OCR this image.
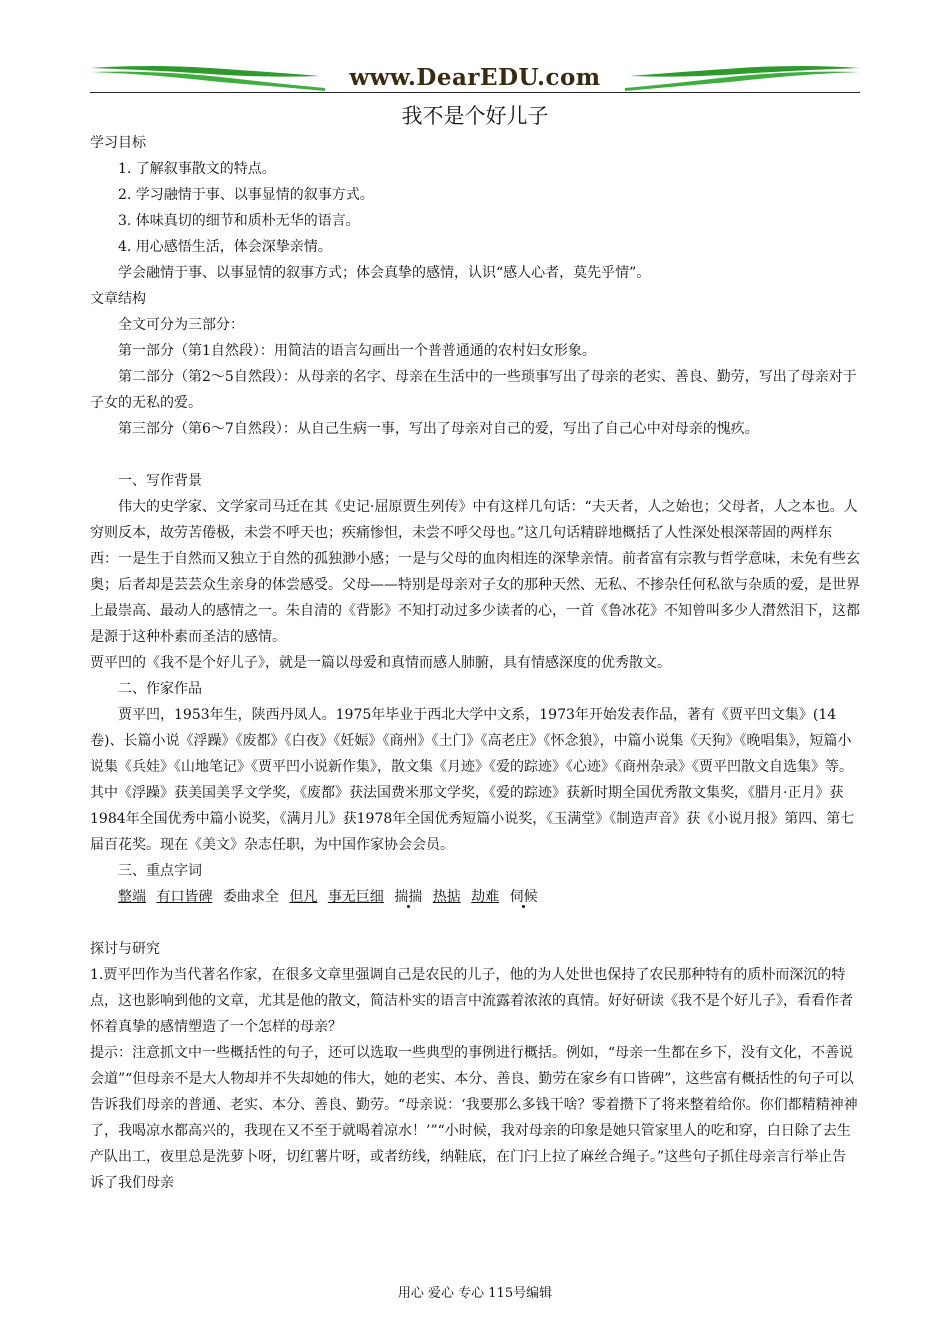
www.DearEDU.com
我不是个好儿子

学习目标

1. 了解叙事散文的特点。

2. 学习融情于事、以事显情的叙事方式。

3. 体味真切的细节和质朴无华的语言。

4. 用心感悟生活，体会深挚亲情。

学会融情于事、以事显情的叙事方式；体会真挚的感情，认识“感人心者，莫先乎情”。

文章结构

全文可分为三部分：

第一部分（第1自然段）：用简洁的语言勾画出一个普普通通的农村妇女形象。

第二部分（第2～5自然段）：从母亲的名字、母亲在生活中的一些琐事写出了母亲的老实、善良、勤劳，写出了母亲对于子女的无私的爱。

第三部分（第6～7自然段）：从自己生病一事，写出了母亲对自己的爱，写出了自己心中对母亲的愧疚。

一、写作背景

伟大的史学家、文学家司马迁在其《史记·屈原贾生列传》中有这样几句话：“夫天者，人之始也；父母者，人之本也。人穷则反本，故劳苦倦极，未尝不呼天也；疾痛惨怛，未尝不呼父母也。”这几句话精辟地概括了人性深处根深蒂固的两样东西：一是生于自然而又独立于自然的孤独渺小感；一是与父母的血肉相连的深挚亲情。前者富有宗教与哲学意味，未免有些玄奥；后者却是芸芸众生亲身的体尝感受。父母——特别是母亲对子女的那种天然、无私、不掺杂任何私欲与杂质的爱，是世界上最崇高、最动人的感情之一。朱自清的《背影》不知打动过多少读者的心，一首《鲁冰花》不知曾叫多少人潸然泪下，这都是源于这种朴素而圣洁的感情。

贾平凹的《我不是个好儿子》，就是一篇以母爱和真情而感人肺腑，具有情感深度的优秀散文。

二、作家作品

贾平凹，1953年生，陕西丹凤人。1975年毕业于西北大学中文系，1973年开始发表作品，著有《贾平凹文集》(14卷)、长篇小说《浮躁》《废都》《白夜》《妊娠》《商州》《土门》《高老庄》《怀念狼》，中篇小说集《天狗》《晚唱集》，短篇小说集《兵娃》《山地笔记》《贾平凹小说新作集》，散文集《月迹》《爱的踪迹》《心迹》《商州杂录》《贾平凹散文自选集》等。其中《浮躁》获美国美孚文学奖，《废都》获法国费米那文学奖，《爱的踪迹》获新时期全国优秀散文集奖，《腊月·正月》获1984年全国优秀中篇小说奖，《满月儿》获1978年全国优秀短篇小说奖，《玉满堂》《制造声音》获《小说月报》第四、第七届百花奖。现在《美文》杂志任职，为中国作家协会会员。

三、重点字词

整端 有口皆碑 委曲求全 但凡 事无巨细 揣揣 热掂 劫难 伺候

探讨与研究

1.贾平凹作为当代著名作家，在很多文章里强调自己是农民的儿子，他的为人处世也保持了农民那种特有的质朴而深沉的特点，这也影响到他的文章，尤其是他的散文，简洁朴实的语言中流露着浓浓的真情。好好研读《我不是个好儿子》，看看作者怀着真挚的感情塑造了一个怎样的母亲？

提示：注意抓文中一些概括性的句子，还可以选取一些典型的事例进行概括。例如，“母亲一生都在乡下，没有文化，不善说会道”“但母亲不是大人物却并不失却她的伟大，她的老实、本分、善良、勤劳在家乡有口皆碑”，这些富有概括性的句子可以告诉我们母亲的普通、老实、本分、善良、勤劳。“母亲说：‘我要那么多钱干啥？零着攒下了将来整着给你。你们都精精神神了，我喝凉水都高兴的，我现在又不至于就喝着凉水！’”“小时候，我对母亲的印象是她只管家里人的吃和穿，白日除了去生产队出工，夜里总是洗萝卜呀，切红薯片呀，或者纺线，纳鞋底，在门闩上拉了麻丝合绳子。”这些句子抓住母亲言行举止告诉了我们母亲

用心 爱心 专心 115号编辑
